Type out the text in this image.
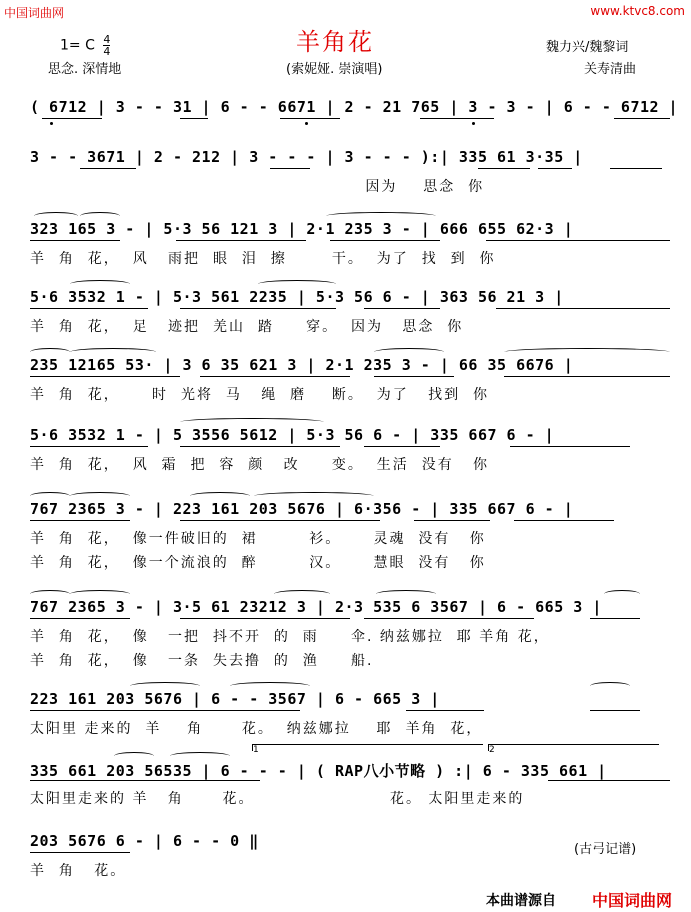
中国词曲网	www.ktvc8.com
羊角花
1= C $\frac{4}{4}$
思念. 深情地	(索妮娅. 崇演唱)
魏力兴/魏黎词
关寿清曲
( 6712 | 3 - - 31 | 6 - - 6671 | 2 - 21 765 | 3 - 3 - | 6 - - 6712 |
3 - - 3671 | 2 - 212 | 3 - - - | 3 - - - ):| 335 61 3·35 |
因为    思念  你
323 165 3 - | 5·3 56 121 3 | 2·1 235 3 - | 666 655 62·3 |
羊  角  花，  风   雨把  眼  泪  擦       干。  为了  找  到  你
5·6 3532 1 - | 5·3 561 2235 | 5·3 56 6 - | 363 56 21 3 |
羊  角  花，  足   迹把  羌山  踏     穿。  因为   思念  你
235 12165 53· | 3 6 35 621 3 | 2·1 235 3 - | 66 35 6676 |
羊  角  花，     时  光将  马   绳  磨    断。  为了   找到  你
5·6 3532 1 - | 5 3556 5612 | 5·3 56 6 - | 335 667 6 - |
羊  角  花，  风  霜  把  容  颜   改     变。  生活  没有   你
767 2365 3 - | 223 161 203 5676 | 6·356 - | 335 667 6 - |
羊  角  花，  像一件破旧的  裙        衫。     灵魂  没有   你
羊  角  花，  像一个流浪的  醉        汉。     慧眼  没有   你
767 2365 3 - | 3·5 61 23212 3 | 2·3 535 6 3567 | 6 - 665 3 |
羊  角  花，  像   一把  抖不开  的  雨     伞. 纳兹娜拉  耶 羊角 花，
羊  角  花，  像   一条  失去撸  的  渔     船.
223 161 203 5676 | 6 - - 3567 | 6 - 665 3 |
太阳里 走来的  羊    角      花。  纳兹娜拉    耶  羊角  花，
1	2
335 661 203 56535 | 6 - - - | ( RAP八小节略 ) :| 6 - 335 661 |
太阳里走来的 羊   角      花。                     花。 太阳里走来的
203 5676 6 - | 6 - - 0 ‖
羊  角   花。
(古弓记谱)
本曲谱源自 中国词曲网
